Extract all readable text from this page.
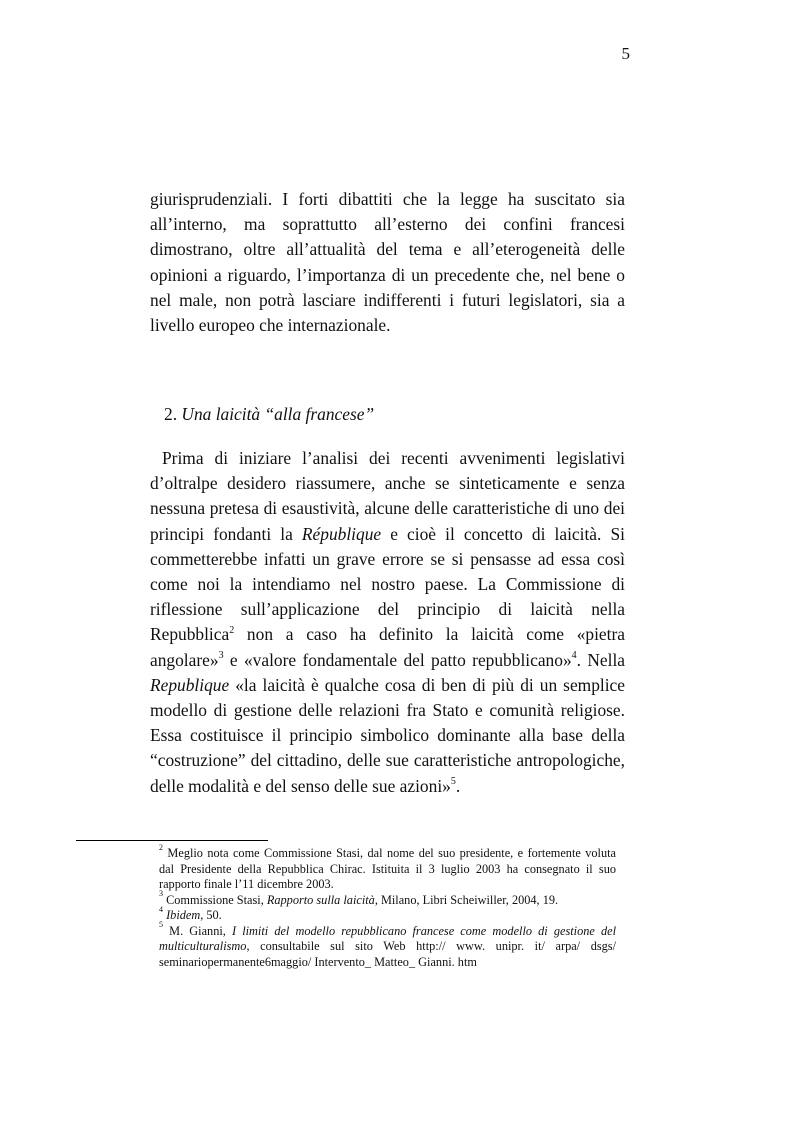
5

giurisprudenziali. I forti dibattiti che la legge ha suscitato sia all’interno, ma soprattutto all’esterno dei confini francesi dimostrano, oltre all’attualità del tema e all’eterogeneità delle opinioni a riguardo, l’importanza di un precedente che, nel bene o nel male, non potrà lasciare indifferenti i futuri legislatori, sia a livello europeo che internazionale.

2. Una laicità “alla francese”

Prima di iniziare l’analisi dei recenti avvenimenti legislativi d’oltralpe desidero riassumere, anche se sinteticamente e senza nessuna pretesa di esaustività, alcune delle caratteristiche di uno dei principi fondanti la République e cioè il concetto di laicità. Si commetterebbe infatti un grave errore se si pensasse ad essa così come noi la intendiamo nel nostro paese. La Commissione di riflessione sull’applicazione del principio di laicità nella Repubblica$^2$ non a caso ha definito la laicità come «pietra angolare»$^3$ e «valore fondamentale del patto repubblicano»$^4$. Nella Republique «la laicità è qualche cosa di ben di più di un semplice modello di gestione delle relazioni fra Stato e comunità religiose. Essa costituisce il principio simbolico dominante alla base della “costruzione” del cittadino, delle sue caratteristiche antropologiche, delle modalità e del senso delle sue azioni»$^5$.

$^2$ Meglio nota come Commissione Stasi, dal nome del suo presidente, e fortemente voluta dal Presidente della Repubblica Chirac. Istituita il 3 luglio 2003 ha consegnato il suo rapporto finale l’11 dicembre 2003.

$^3$ Commissione Stasi, Rapporto sulla laicità, Milano, Libri Scheiwiller, 2004, 19.

$^4$ Ibidem, 50.

$^5$ M. Gianni, I limiti del modello repubblicano francese come modello di gestione del multiculturalismo, consultabile sul sito Web http:// www. unipr. it/ arpa/ dsgs/ seminariopermanente6maggio/ Intervento_ Matteo_ Gianni. htm
